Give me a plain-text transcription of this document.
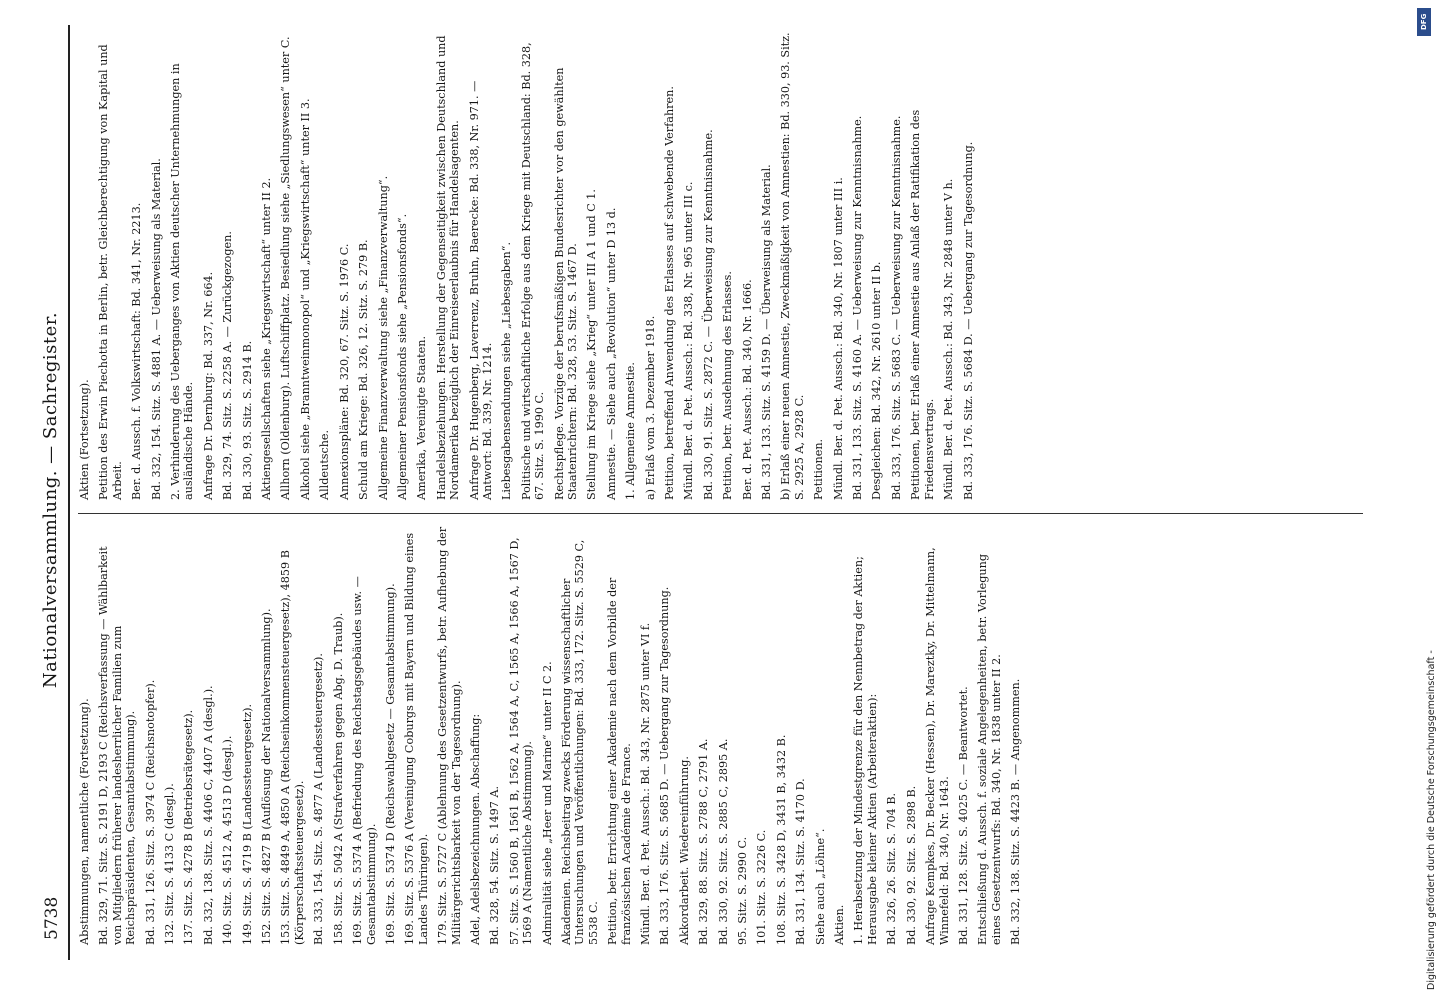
5738
Nationalversammlung. — Sachregister.
Abstimmungen, namentliche (Fortsetzung). Bd. 329, 71. Sitz. S. 2191 D, 2193 C (Reichsverfassung — Wählbarkeit von Mitgliedern früherer landesherrlicher Familien zum Reichspräsidenten, Gesamtabstimmung). Bd. 331, 126. Sitz. S. 3974 C (Reichsnotopfer). 132. Sitz. S. 4133 C (desgl.). 137. Sitz. S. 4278 B (Betriebsrätegesetz). Bd. 332, 138. Sitz. S. 4406 C, 4407 A (desgl.). 140. Sitz. S. 4512 A, 4513 D (desgl.). 149. Sitz. S. 4719 B (Landessteuergesetz). 152. Sitz. S. 4827 B (Auflösung der Nationalversammlung). 153. Sitz. S. 4849 A, 4850 A (Reichseinkommensteuergesetz), 4859 B (Körperschaftssteuergesetz). Bd. 333, 154. Sitz. S. 4877 A (Landessteuergesetz). 158. Sitz. S. 5042 A (Strafverfahren gegen Abg. D. Traub). 169. Sitz. S. 5374 A (Befriedung des Reichstagsgebäudes usw. — Gesamtabstimmung). 169. Sitz. S. 5374 D (Reichswahlgesetz — Gesamtabstimmung). 169. Sitz. S. 5376 A (Vereinigung Coburgs mit Bayern und Bildung eines Landes Thüringen). 179. Sitz. S. 5727 C (Ablehnung des Gesetzentwurfs, betr. Aufhebung der Militärgerichtsbarkeit von der Tagesordnung). Adel, Adelsbezeichnungen. Abschaffung: Bd. 328, 54. Sitz. S. 1497 A. 57. Sitz. S. 1560 B, 1561 B, 1562 A, 1564 A, C, 1565 A, 1566 A, 1567 D, 1569 A (Namentliche Abstimmung). Admiralität siehe „Heer und Marine“ unter II C 2. Akademien. Reichsbeitrag zwecks Förderung wissenschaftlicher Untersuchungen und Veröffentlichungen: Bd. 333, 172. Sitz. S. 5529 C, 5538 C. Petition, betr. Errichtung einer Akademie nach dem Vorbilde der französischen Académie de France. Mündl. Ber. d. Pet. Aussch.: Bd. 343, Nr. 2875 unter VI f. Bd. 333, 176. Sitz. S. 5685 D. — Uebergang zur Tagesordnung. Akkordarbeit. Wiedereinführung. Bd. 329, 88. Sitz. S. 2788 C, 2791 A. Bd. 330, 92. Sitz. S. 2885 C, 2895 A. 95. Sitz. S. 2990 C. 101. Sitz. S. 3226 C. 108. Sitz. S. 3428 D, 3431 B, 3432 B. Bd. 331, 134. Sitz. S. 4170 D. Siehe auch „Löhne“. Aktien. 1. Herabsetzung der Mindestgrenze für den Nennbetrag der Aktien; Herausgabe kleiner Aktien (Arbeiteraktien): Bd. 326, 26. Sitz. S. 704 B. Bd. 330, 92. Sitz. S. 2898 B. Anfrage Kempkes, Dr. Becker (Hessen), Dr. Mareztky, Dr. Mittelmann, Winnefeld: Bd. 340, Nr. 1643. Bd. 331, 128. Sitz. S. 4025 C. — Beantwortet. Entschließung d. Aussch. f. soziale Angelegenheiten, betr. Vorlegung eines Gesetzentwurfs: Bd. 340, Nr. 1838 unter II 2. Bd. 332, 138. Sitz. S. 4423 B. — Angenommen.
Aktien (Fortsetzung). Petition des Erwin Piechotta in Berlin, betr. Gleichberechtigung von Kapital und Arbeit. Ber. d. Aussch. f. Volkswirtschaft: Bd. 341, Nr. 2213. Bd. 332, 154. Sitz. S. 4881 A. — Ueberweisung als Material. 2. Verhinderung des Ueberganges von Aktien deutscher Unternehmungen in ausländische Hände. Anfrage Dr. Dernburg: Bd. 337, Nr. 664. Bd. 329, 74. Sitz. S. 2258 A. — Zurückgezogen. Bd. 330, 93. Sitz. S. 2914 B. Aktiengesellschaften siehe „Kriegswirtschaft“ unter II 2. Allhorn (Oldenburg). Luftschiffplatz. Besiedlung siehe „Siedlungswesen“ unter C. Alkohol siehe „Branntweinmonopol“ und „Kriegswirtschaft“ unter II 3. Alldeutsche. Annexionspläne: Bd. 320, 67. Sitz. S. 1976 C. Schuld am Kriege: Bd. 326, 12. Sitz. S. 279 B. Allgemeine Finanzverwaltung siehe „Finanzverwaltung“. Allgemeiner Pensionsfonds siehe „Pensionsfonds“. Amerika, Vereinigte Staaten. Handelsbeziehungen. Herstellung der Gegenseitigkeit zwischen Deutschland und Nordamerika bezüglich der Einreiseerlaubnis für Handelsagenten. Anfrage Dr. Hugenberg, Laverrenz, Bruhn, Baerecke: Bd. 338, Nr. 971. — Antwort: Bd. 339, Nr. 1214. Liebesgabensendungen siehe „Liebesgaben“. Politische und wirtschaftliche Erfolge aus dem Kriege mit Deutschland: Bd. 328, 67. Sitz. S. 1990 C. Rechtspflege. Vorzüge der berufsmäßigen Bundesrichter vor den gewählten Staatenrichtern: Bd. 328, 53. Sitz. S. 1467 D. Stellung im Kriege siehe „Krieg“ unter III A 1 und C 1. Amnestie. — Siehe auch „Revolution“ unter D 13 d. 1. Allgemeine Amnestie. a) Erlaß vom 3. Dezember 1918. Petition, betreffend Anwendung des Erlasses auf schwebende Verfahren. Mündl. Ber. d. Pet. Aussch.: Bd. 338, Nr. 965 unter III c. Bd. 330, 91. Sitz. S. 2872 C. — Überweisung zur Kenntnisnahme. Petition, betr. Ausdehnung des Erlasses. Ber. d. Pet. Aussch.: Bd. 340, Nr. 1666. Bd. 331, 133. Sitz. S. 4159 D. — Überweisung als Material. b) Erlaß einer neuen Amnestie, Zweckmäßigkeit von Amnestien: Bd. 330, 93. Sitz. S. 2925 A, 2928 C. Petitionen. Mündl. Ber. d. Pet. Aussch.: Bd. 340, Nr. 1807 unter III i. Bd. 331, 133. Sitz. S. 4160 A. — Ueberweisung zur Kenntnisnahme. Desgleichen: Bd. 342, Nr. 2610 unter II b. Bd. 333, 176. Sitz. S. 5683 C. — Ueberweisung zur Kenntnisnahme. Petitionen, betr. Erlaß einer Amnestie aus Anlaß der Ratifikation des Friedensvertrags. Mündl. Ber. d. Pet. Aussch.: Bd. 343, Nr. 2848 unter V h. Bd. 333, 176. Sitz. S. 5684 D. — Uebergang zur Tagesordnung.
DFG
Digitalisierung gefördert durch die Deutsche Forschungsgemeinschaft -
